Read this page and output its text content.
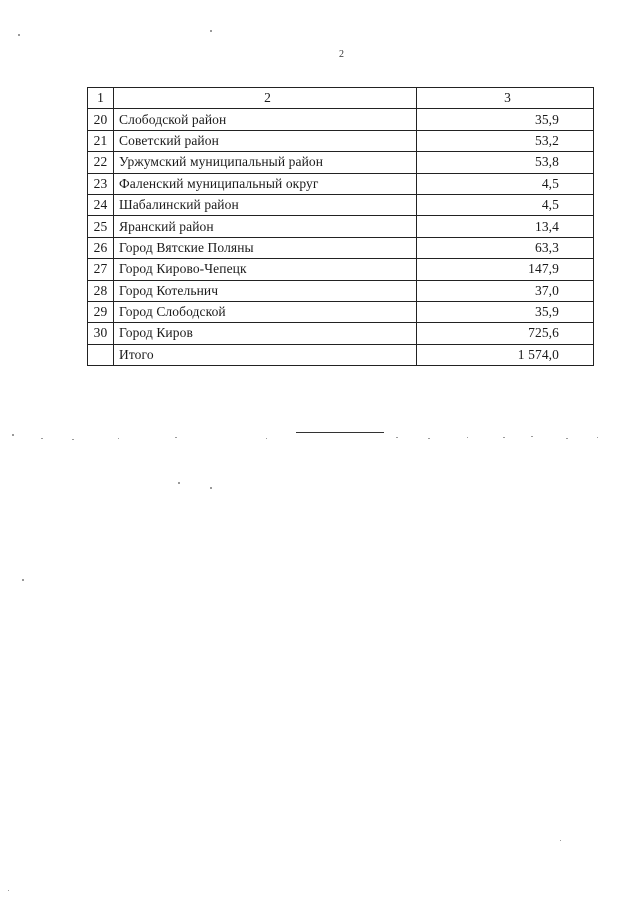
2
1	2	3
20	Слободской район	35,9
21	Советский район	53,2
22	Уржумский муниципальный район	53,8
23	Фаленский муниципальный округ	4,5
24	Шабалинский район	4,5
25	Яранский район	13,4
26	Город Вятские Поляны	63,3
27	Город Кирово-Чепецк	147,9
28	Город Котельнич	37,0
29	Город Слободской	35,9
30	Город Киров	725,6
	Итого	1 574,0
